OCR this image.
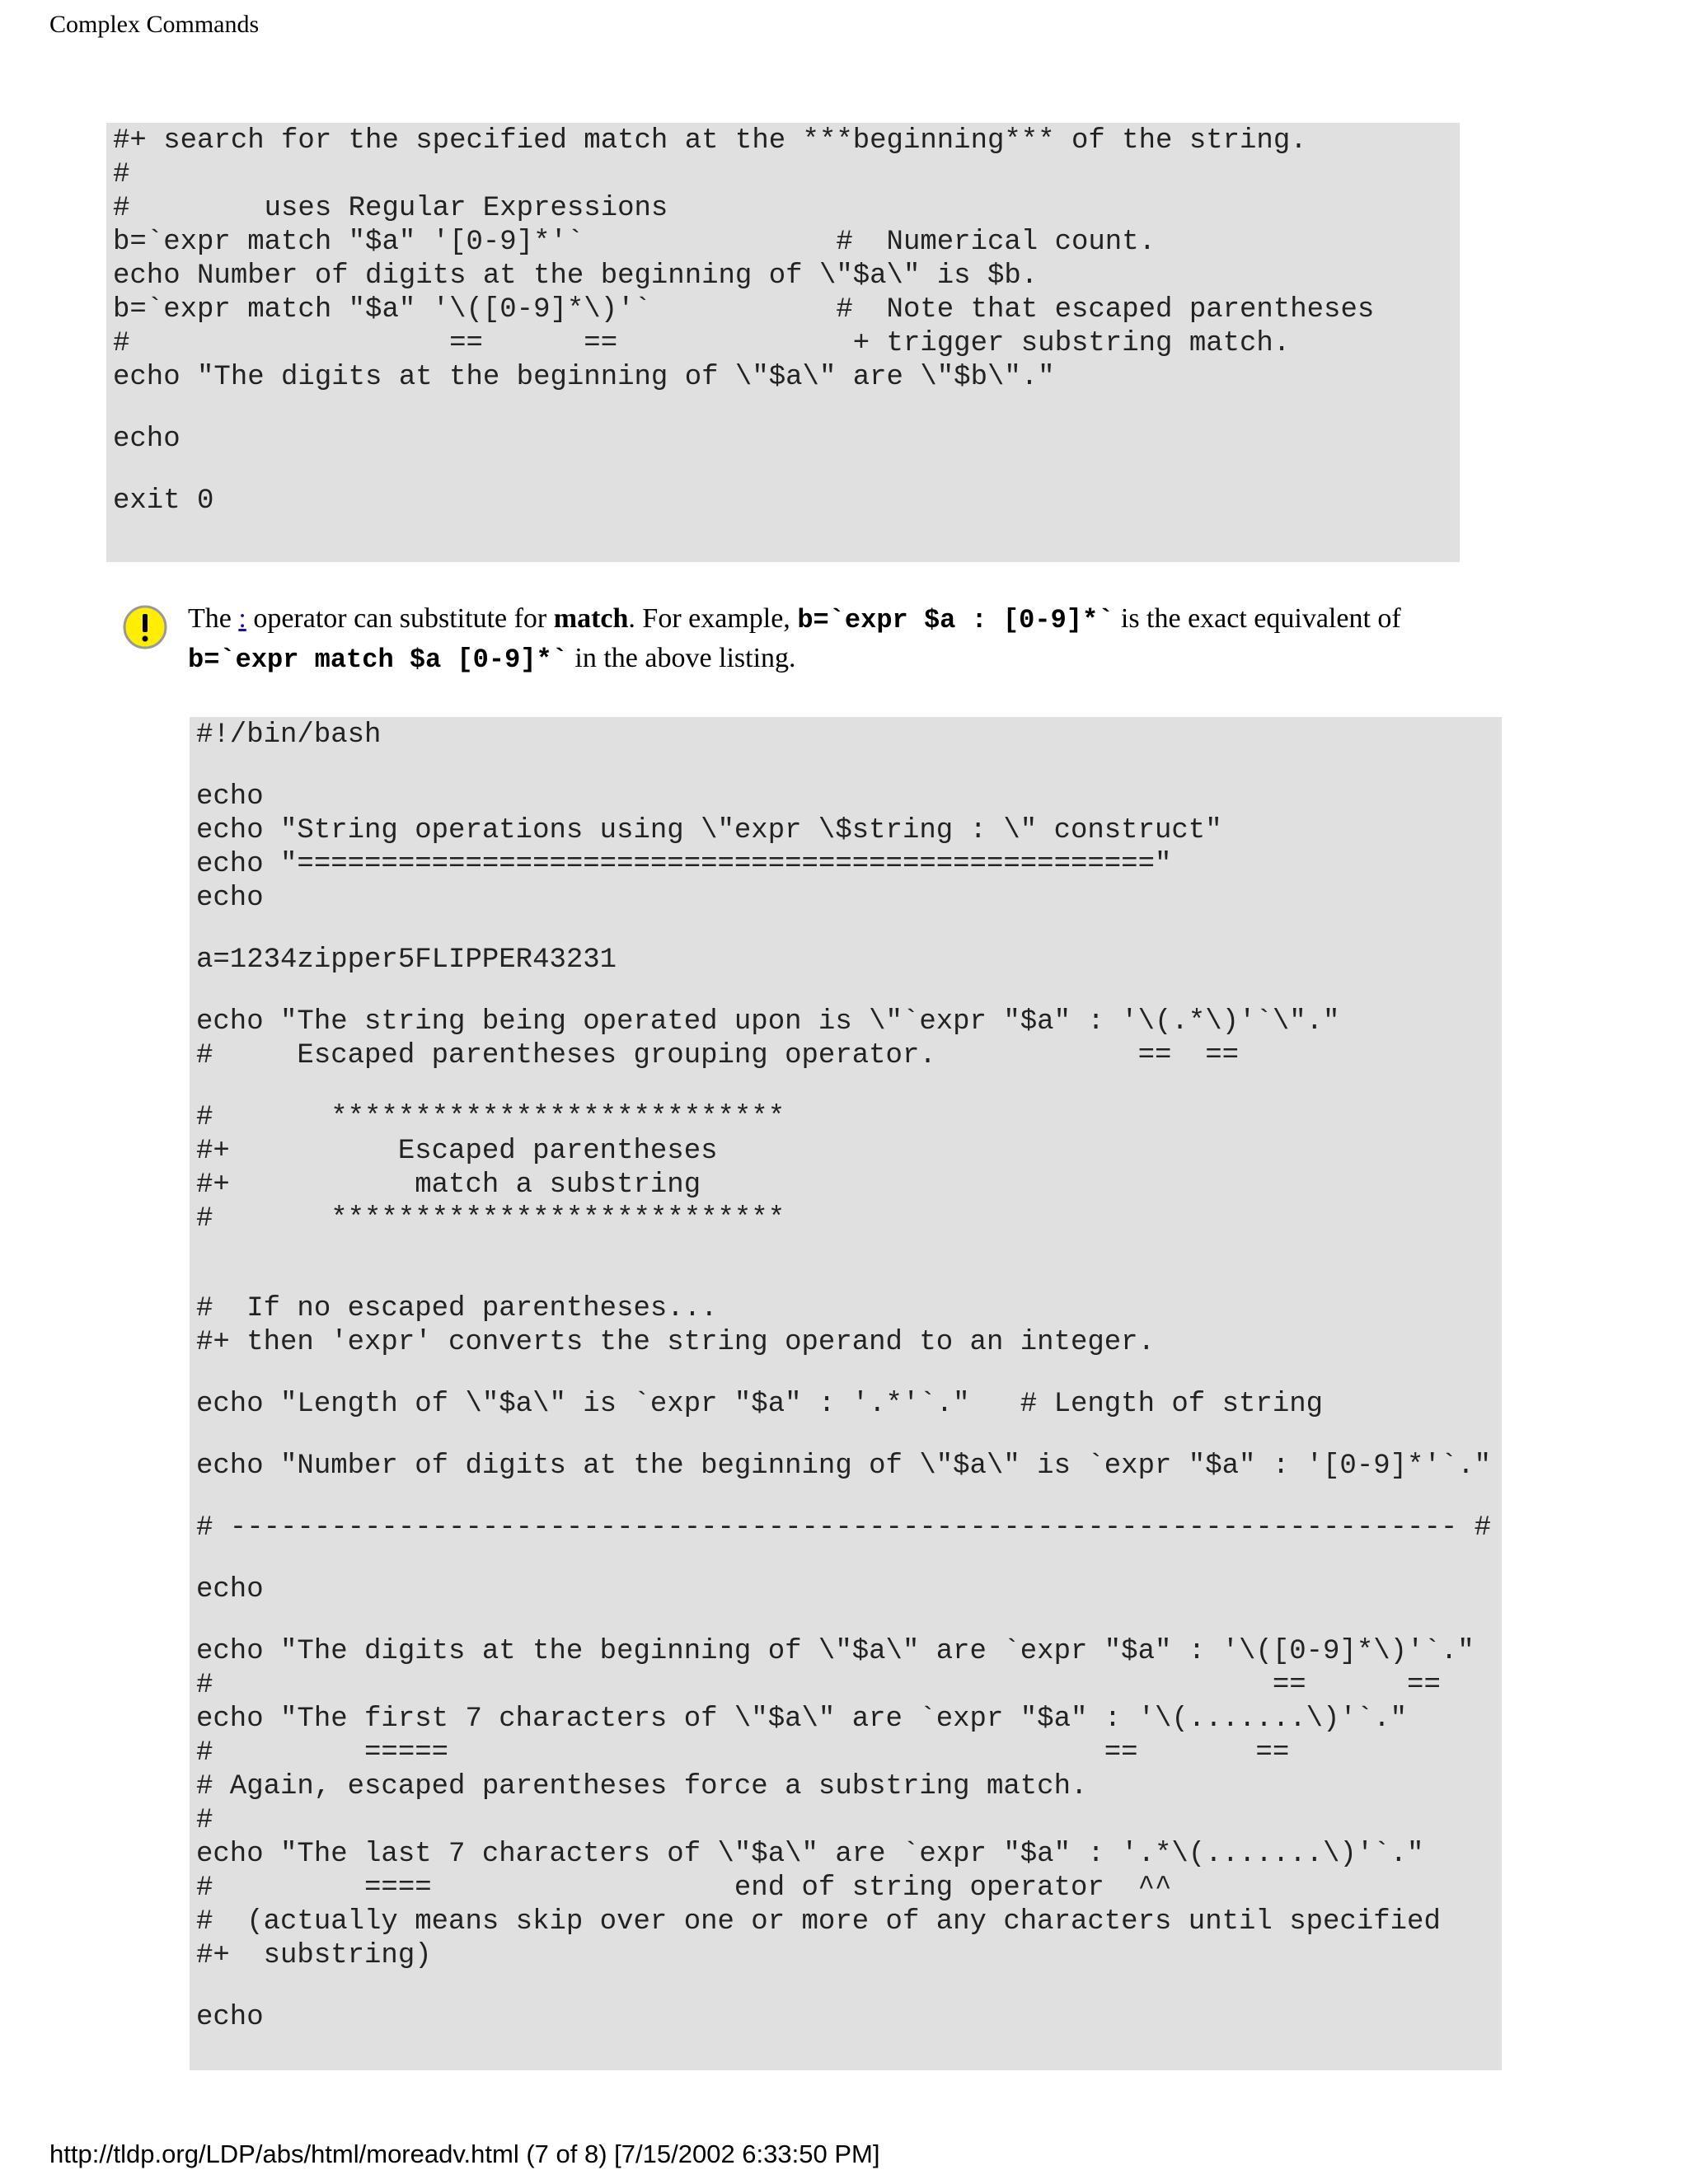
Complex Commands
#+ search for the specified match at the ***beginning*** of the string.
#
#        uses Regular Expressions
b=`expr match "$a" '[0-9]*'`               #  Numerical count.
echo Number of digits at the beginning of \"$a\" is $b.
b=`expr match "$a" '\([0-9]*\)'`           #  Note that escaped parentheses
#                   ==      ==              + trigger substring match.
echo "The digits at the beginning of \"$a\" are \"$b\"."
echo
exit 0
The : operator can substitute for match. For example, b=`expr $a : [0-9]*` is the exact equivalent of
b=`expr match $a [0-9]*` in the above listing.
#!/bin/bash
echo
echo "String operations using \"expr \$string : \" construct"
echo "==================================================="
echo
a=1234zipper5FLIPPER43231
echo "The string being operated upon is \"`expr "$a" : '\(.*\)'`\"."
#     Escaped parentheses grouping operator.            ==  ==
#       ***************************
#+          Escaped parentheses
#+           match a substring
#       ***************************
#  If no escaped parentheses...
#+ then 'expr' converts the string operand to an integer.
echo "Length of \"$a\" is `expr "$a" : '.*'`."   # Length of string
echo "Number of digits at the beginning of \"$a\" is `expr "$a" : '[0-9]*'`."
# ------------------------------------------------------------------------- #
echo
echo "The digits at the beginning of \"$a\" are `expr "$a" : '\([0-9]*\)'`."
#                                                               ==      ==
echo "The first 7 characters of \"$a\" are `expr "$a" : '\(.......\)'`."
#         =====                                       ==       ==
# Again, escaped parentheses force a substring match.
#
echo "The last 7 characters of \"$a\" are `expr "$a" : '.*\(.......\)'`."
#         ====                  end of string operator  ^^
#  (actually means skip over one or more of any characters until specified
#+  substring)
echo
http://tldp.org/LDP/abs/html/moreadv.html (7 of 8) [7/15/2002 6:33:50 PM]
